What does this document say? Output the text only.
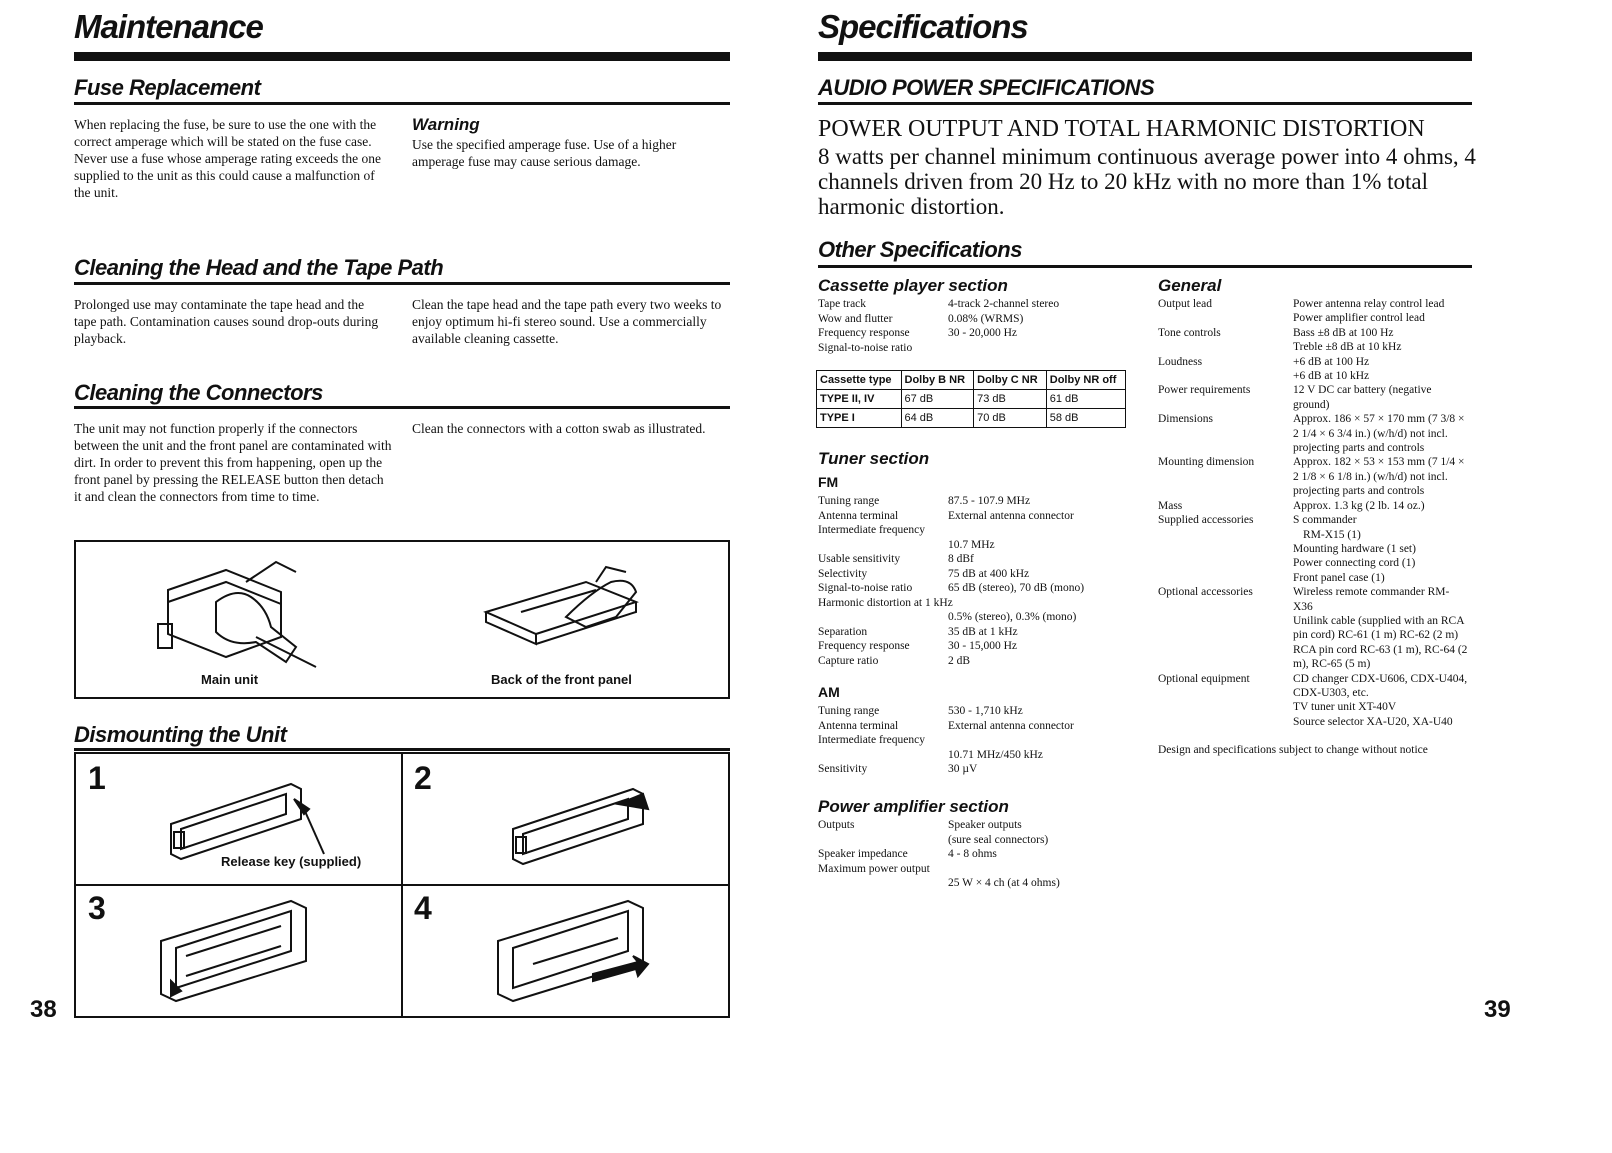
Maintenance
Fuse Replacement
When replacing the fuse, be sure to use the one with the correct amperage which will be stated on the fuse case. Never use a fuse whose amperage rating exceeds the one supplied to the unit as this could cause a malfunction of the unit.
Warning
Use the specified amperage fuse. Use of a higher amperage fuse may cause serious damage.
Cleaning the Head and the Tape Path
Prolonged use may contaminate the tape head and the tape path. Contamination causes sound drop-outs during playback.
Clean the tape head and the tape path every two weeks to enjoy optimum hi-fi stereo sound. Use a commercially available cleaning cassette.
Cleaning the Connectors
The unit may not function properly if the connectors between the unit and the front panel are contaminated with dirt. In order to prevent this from happening, open up the front panel by pressing the RELEASE button then detach it and clean the connectors from time to time.
Clean the connectors with a cotton swab as illustrated.
Main unit	Back of the front panel
Dismounting the Unit
1
Release key (supplied)
2
3	4
38
Specifications
AUDIO POWER SPECIFICATIONS
POWER OUTPUT AND TOTAL HARMONIC DISTORTION
8 watts per channel minimum continuous average power into 4 ohms, 4 channels driven from 20 Hz to 20 kHz with no more than 1% total harmonic distortion.
Other Specifications
Cassette player section
Tape track	4-track 2-channel stereo
Wow and flutter	0.08% (WRMS)
Frequency response	30 - 20,000 Hz
Signal-to-noise ratio
Cassette type	Dolby B NR	Dolby C NR	Dolby NR off
TYPE II, IV	67 dB	73 dB	61 dB
TYPE I	64 dB	70 dB	58 dB
Tuner section
FM
Tuning range	87.5 - 107.9 MHz
Antenna terminal	External antenna connector
Intermediate frequency
10.7 MHz
Usable sensitivity	8 dBf
Selectivity	75 dB at 400 kHz
Signal-to-noise ratio	65 dB (stereo), 70 dB (mono)
Harmonic distortion at 1 kHz
0.5% (stereo), 0.3% (mono)
Separation	35 dB at 1 kHz
Frequency response	30 - 15,000 Hz
Capture ratio	2 dB
AM
Tuning range	530 - 1,710 kHz
Antenna terminal	External antenna connector
Intermediate frequency
10.71 MHz/450 kHz
Sensitivity	30 µV
Power amplifier section
Outputs	Speaker outputs
(sure seal connectors)
Speaker impedance	4 - 8 ohms
Maximum power output
25 W × 4 ch (at 4 ohms)
General
Output lead	Power antenna relay control lead
Power amplifier control lead
Tone controls	Bass ±8 dB at 100 Hz
Treble ±8 dB at 10 kHz
Loudness	+6 dB at 100 Hz
+6 dB at 10 kHz
Power requirements	12 V DC car battery (negative ground)
Dimensions	Approx. 186 × 57 × 170 mm (7 3/8 × 2 1/4 × 6 3/4 in.) (w/h/d) not incl. projecting parts and controls
Mounting dimension	Approx. 182 × 53 × 153 mm (7 1/4 × 2 1/8 × 6 1/8 in.) (w/h/d) not incl. projecting parts and controls
Mass	Approx. 1.3 kg (2 lb. 14 oz.)
Supplied accessories	S commander
RM-X15 (1)
Mounting hardware (1 set)
Power connecting cord (1)
Front panel case (1)
Optional accessories	Wireless remote commander RM-X36
Unilink cable (supplied with an RCA pin cord) RC-61 (1 m) RC-62 (2 m)
RCA pin cord RC-63 (1 m), RC-64 (2 m), RC-65 (5 m)
Optional equipment	CD changer CDX-U606, CDX-U404, CDX-U303, etc.
TV tuner unit XT-40V
Source selector XA-U20, XA-U40
Design and specifications subject to change without notice
39
